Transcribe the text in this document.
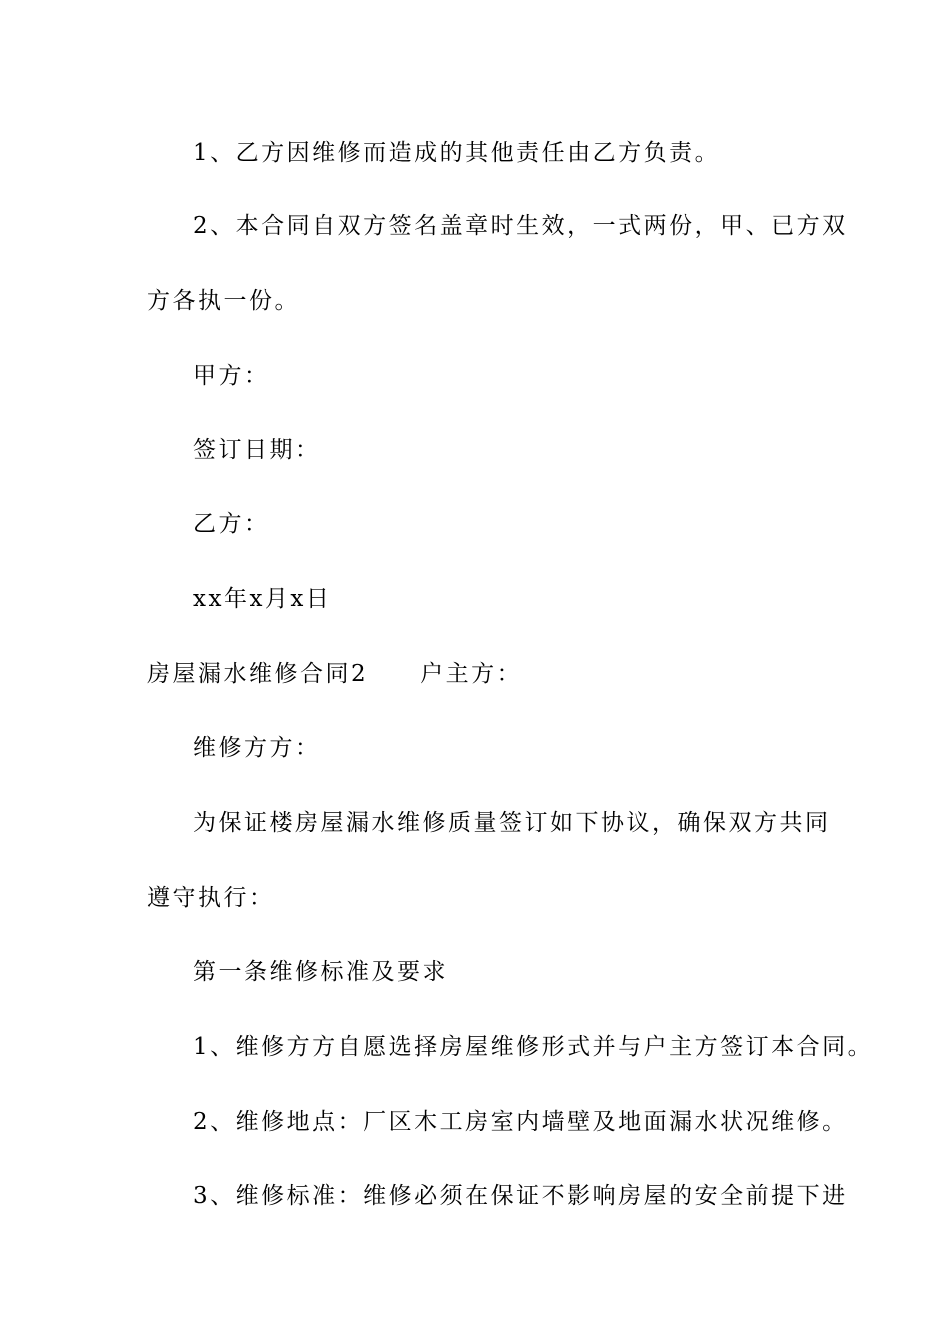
1、乙方因维修而造成的其他责任由乙方负责。
2、本合同自双方签名盖章时生效，一式两份，甲、已方双
方各执一份。
甲方：
签订日期：
乙方：
xx年x月x日
房屋漏水维修合同2 户主方：
维修方方：
为保证楼房屋漏水维修质量签订如下协议，确保双方共同
遵守执行：
第一条维修标准及要求
1、维修方方自愿选择房屋维修形式并与户主方签订本合同。
2、维修地点：厂区木工房室内墙壁及地面漏水状况维修。
3、维修标准：维修必须在保证不影响房屋的安全前提下进
